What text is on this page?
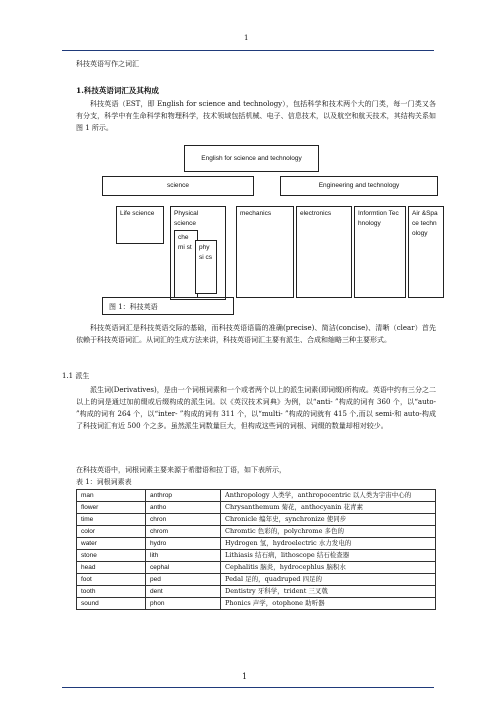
1
科技英语写作之词汇
1.科技英语词汇及其构成
科技英语（EST，即 English for science and technology），包括科学和技术两个大的门类，每一门类又各有分支，科学中有生命科学和物理科学，技术领域包括机械、电子、信息技术，以及航空和航天技术，其结构关系如图 1 所示。
English for science and technology
science	Engineering and technology
Life science	Physical science
che mi st	phy si cs
mechanics	electronics	Informtion Technology
Air &Space technology
图 1：科技英语
科技英语词汇是科技英语交际的基础，而科技英语语篇的准确(precise)、简洁(concise)、清晰（clear）首先依赖于科技英语词汇。从词汇的生成方法来讲，科技英语词汇主要有派生、合成和缩略三种主要形式。
1.1 派生
派生词(Derivatives)，是由一个词根词素和一个或者两个以上的派生词素(即词缀)所构成。英语中约有三分之二以上的词是通过加前缀或后缀构成的派生词。以《英汉技术词典》为例，以“anti- ”构成的词有 360 个，以“auto- ”构成的词有 264 个，以“inter- ”构成的词有 311 个，以“multi- ”构成的词就有 415 个,而以 semi-和 auto-构成了科技词汇有近 500 个之多。虽然派生词数量巨大，但构成这些词的词根、词缀的数量却相对较少。
在科技英语中，词根词素主要来源于希腊语和拉丁语，如下表所示，
表 1：词根词素表
man	anthrop	Anthropology 人类学，anthropocentric 以人类为宇宙中心的
flower	antho	Chrysanthemum 菊花，anthocyanin 花青素
time	chron	Chronicle 编年史，synchronize 使同步
color	chrom	Chromtic 色彩的，polychrome 多色的
water	hydro	Hydrogen 氢，hydroelectric 水力发电的
stone	lith	Lithiasis 结石病，lithoscope 结石检查器
head	cephal	Cephalitis 脑炎，hydrocephlus 脑积水
foot	ped	Pedal 足的，quadruped 四足的
tooth	dent	Dentistry 牙科学，trident 三叉戟
sound	phon	Phonics 声学，otophone 助听器
1
